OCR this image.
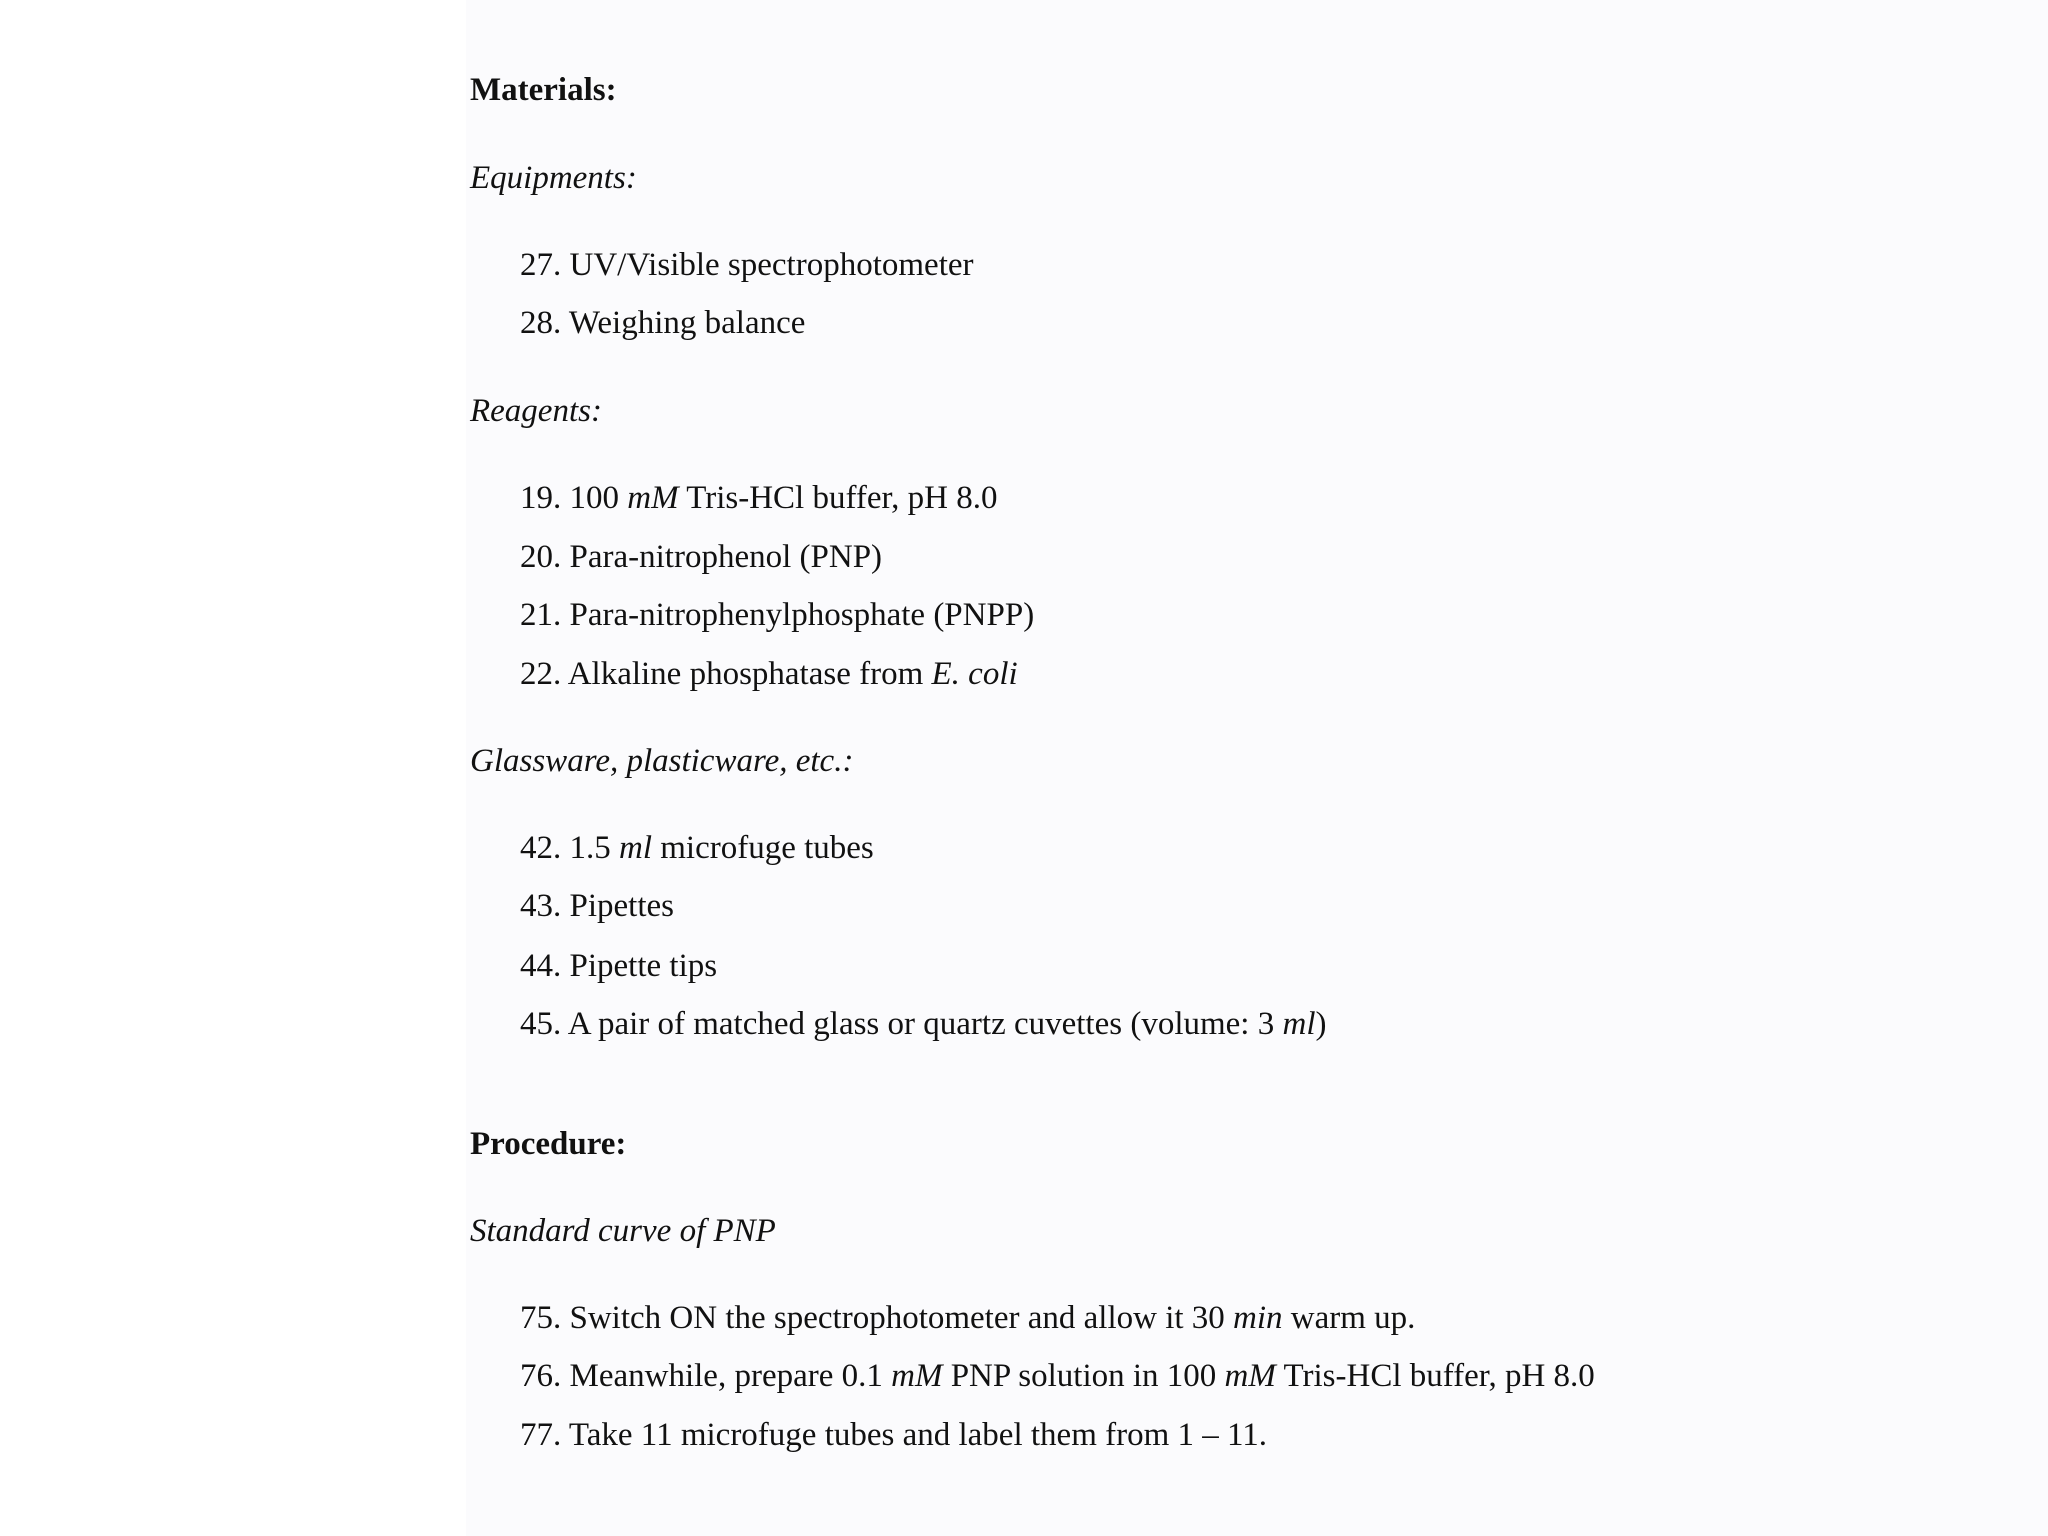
Materials:
Equipments:
27. UV/Visible spectrophotometer
28. Weighing balance
Reagents:
19. 100 mM Tris-HCl buffer, pH 8.0
20. Para-nitrophenol (PNP)
21. Para-nitrophenylphosphate (PNPP)
22. Alkaline phosphatase from E. coli
Glassware, plasticware, etc.:
42. 1.5 ml microfuge tubes
43. Pipettes
44. Pipette tips
45. A pair of matched glass or quartz cuvettes (volume: 3 ml)
Procedure:
Standard curve of PNP
75. Switch ON the spectrophotometer and allow it 30 min warm up.
76. Meanwhile, prepare 0.1 mM PNP solution in 100 mM Tris-HCl buffer, pH 8.0
77. Take 11 microfuge tubes and label them from 1 – 11.
